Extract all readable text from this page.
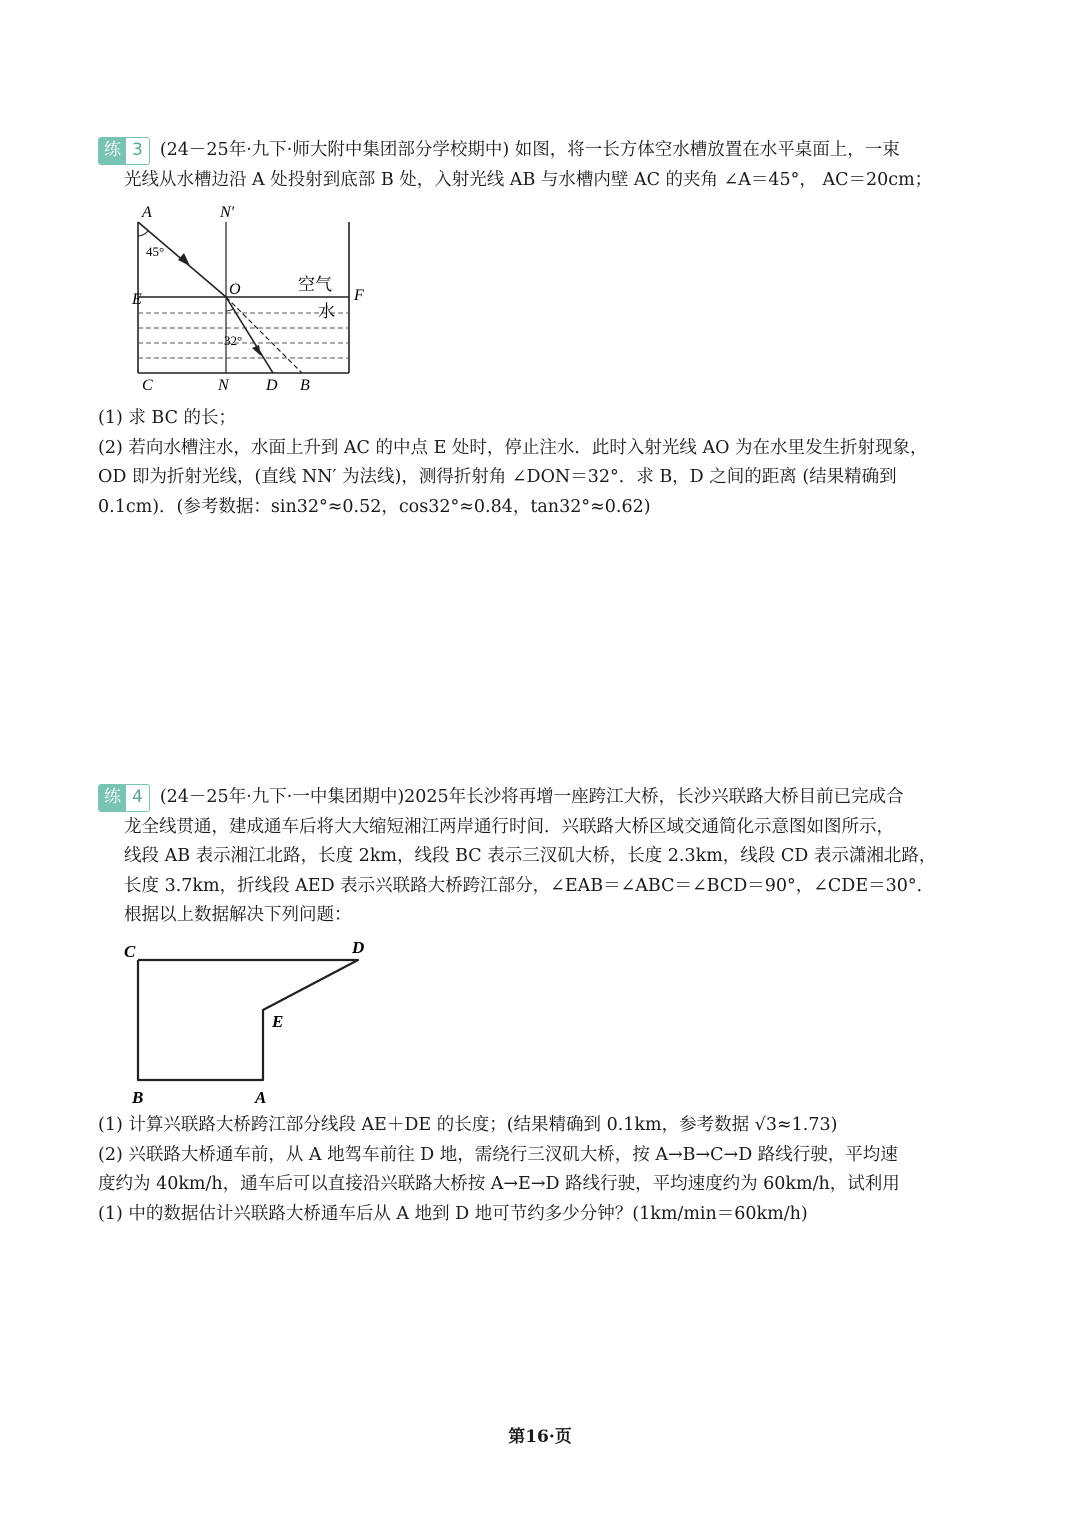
练 3 (24－25年·九下·师大附中集团部分学校期中) 如图，将一长方体空水槽放置在水平桌面上，一束
光线从水槽边沿 A 处投射到底部 B 处，入射光线 AB 与水槽内壁 AC 的夹角 ∠A＝45°， AC＝20cm；
A	N′
45°
E
O	F
空气
水
32°
C	N D B
(1) 求 BC 的长；
(2) 若向水槽注水，水面上升到 AC 的中点 E 处时，停止注水．此时入射光线 AO 为在水里发生折射现象，
OD 即为折射光线，(直线 NN′ 为法线)，测得折射角 ∠DON＝32°．求 B，D 之间的距离 (结果精确到
0.1cm)．(参考数据：sin32°≈0.52，cos32°≈0.84，tan32°≈0.62)
练 4 (24－25年·九下·一中集团期中)2025年长沙将再增一座跨江大桥，长沙兴联路大桥目前已完成合
龙全线贯通，建成通车后将大大缩短湘江两岸通行时间．兴联路大桥区域交通简化示意图如图所示，
线段 AB 表示湘江北路，长度 2km，线段 BC 表示三汊矶大桥，长度 2.3km，线段 CD 表示潇湘北路，
长度 3.7km，折线段 AED 表示兴联路大桥跨江部分，∠EAB＝∠ABC＝∠BCD＝90°，∠CDE＝30°．
根据以上数据解决下列问题：
C	D
E
B	A
(1) 计算兴联路大桥跨江部分线段 AE＋DE 的长度；(结果精确到 0.1km，参考数据 √3≈1.73)
(2) 兴联路大桥通车前，从 A 地驾车前往 D 地，需绕行三汊矶大桥，按 A→B→C→D 路线行驶，平均速
度约为 40km/h，通车后可以直接沿兴联路大桥按 A→E→D 路线行驶，平均速度约为 60km/h，试利用
(1) 中的数据估计兴联路大桥通车后从 A 地到 D 地可节约多少分钟？(1km/min＝60km/h)
第16·页
